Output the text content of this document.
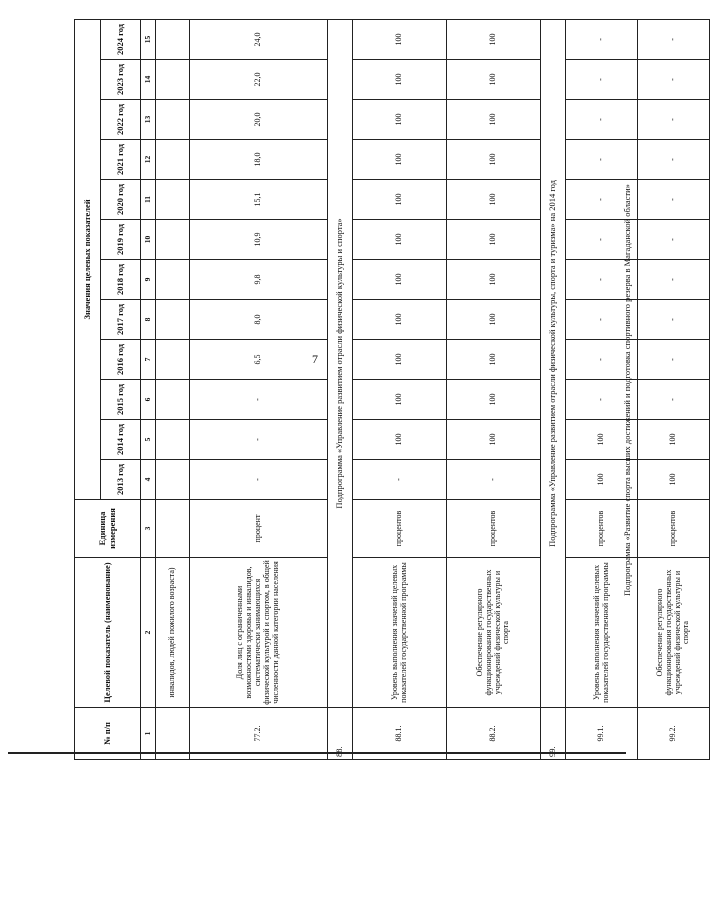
7
№ п/п	Целевой показатель (наименование)	Единица измерения	Значения целевых показателей											
			2013 год	2014 год	2015 год	2016 год	2017 год	2018 год	2019 год	2020 год	2021 год	2022 год	2023 год	2024 год
1	2	3	4	5	6	7	8	9	10	11	12	13	14	15
	инвалидов, людей пожилого возраста)													
77.2.	Доля лиц с ограниченными возможностями здоровья и инвалидов, систематически занимающихся физической культурой и спортом, в общей численности данной категории населения	процент	-	-	-	6,5	8,0	9,8	10,9	15,1	18,0	20,0	22,0	24,0
	Подпрограмма «Управление развитием отрасли физической культуры и спорта»													
88.1.	Уровень выполнения значений целевых показателей государственной программы	процентов	-	100	100	100	100	100	100	100	100	100	100	100
88.2.	Обеспечение регулярного функционирования государственных учреждений физической культуры и спорта	процентов	-	100	100	100	100	100	100	100	100	100	100	100
	Подпрограмма «Управление развитием отрасли физической культуры, спорта и туризма» на 2014 год													
99.1.	Уровень выполнения значений целевых показателей государственной программы	процентов	100	100	-	-	-	-	-	-	-	-	-	-
99.2.	Обеспечение регулярного функционирования государственных учреждений физической культуры и спорта	процентов	100	100	-	-	-	-	-	-	-	-	-	-
Подпрограмма «Развитие спорта высших достижений и подготовка спортивного резерва в Магаданской области»
